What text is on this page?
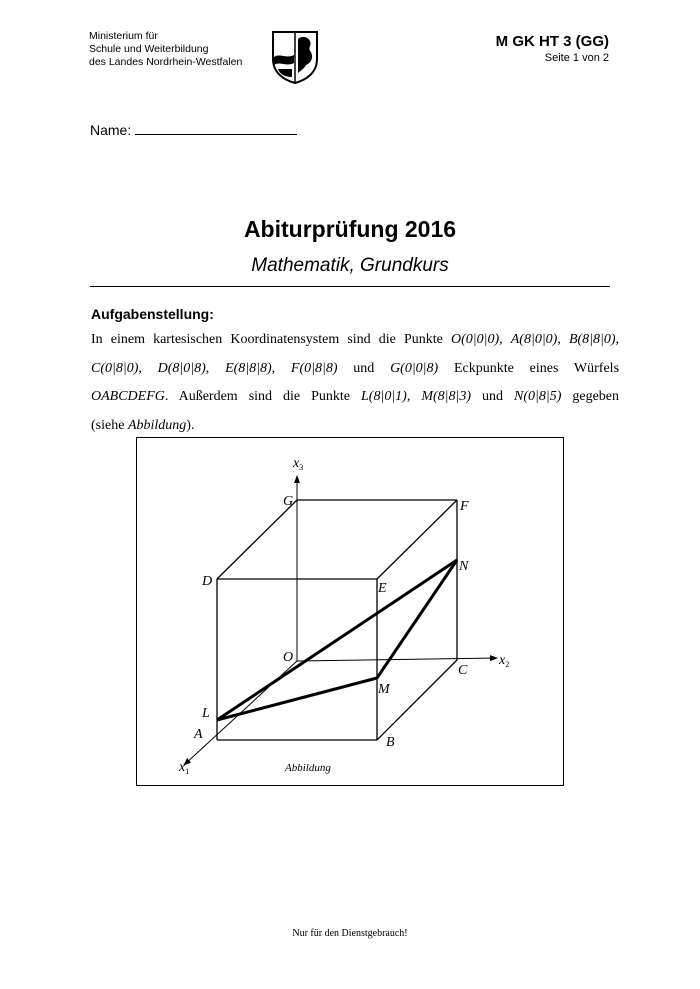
Ministerium für
Schule und Weiterbildung
des Landes Nordrhein-Westfalen
M GK HT 3 (GG)
Seite 1 von 2
Name:
Abiturprüfung 2016
Mathematik, Grundkurs
Aufgabenstellung:

In einem kartesischen Koordinatensystem sind die Punkte O(0|0|0), A(8|0|0), B(8|8|0),

C(0|8|0), D(8|0|8), E(8|8|8), F(0|8|8) und G(0|0|8) Eckpunkte eines Würfels

OABCDEFG. Außerdem sind die Punkte L(8|0|1), M(8|8|3) und N(0|8|5) gegeben

(siehe Abbildung).

G	F
D	E
N
O
C
M
L
A
B
$x_3$
$x_2$
$x_1$	Abbildung
Nur für den Dienstgebrauch!
